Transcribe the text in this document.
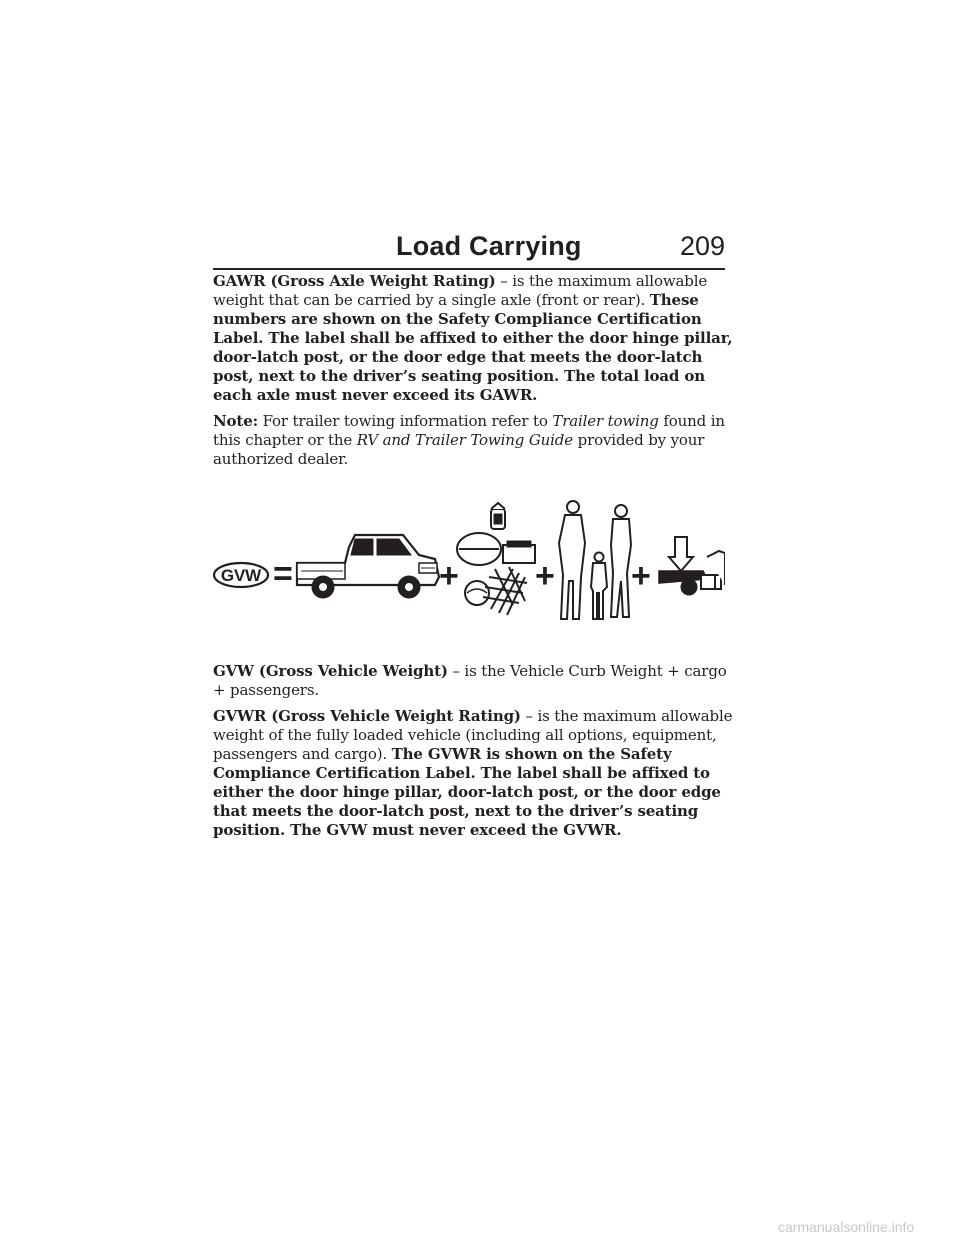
Load Carrying	209

GAWR (Gross Axle Weight Rating) – is the maximum allowable weight that can be carried by a single axle (front or rear). These numbers are shown on the Safety Compliance Certification Label. The label shall be affixed to either the door hinge pillar, door-latch post, or the door edge that meets the door-latch post, next to the driver’s seating position. The total load on each axle must never exceed its GAWR.

Note: For trailer towing information refer to Trailer towing found in this chapter or the RV and Trailer Towing Guide provided by your authorized dealer.

GVW =	+ + +

GVW (Gross Vehicle Weight) – is the Vehicle Curb Weight + cargo + passengers.

GVWR (Gross Vehicle Weight Rating) – is the maximum allowable weight of the fully loaded vehicle (including all options, equipment, passengers and cargo). The GVWR is shown on the Safety Compliance Certification Label. The label shall be affixed to either the door hinge pillar, door-latch post, or the door edge that meets the door-latch post, next to the driver’s seating position. The GVW must never exceed the GVWR.

carmanualsonline.info
